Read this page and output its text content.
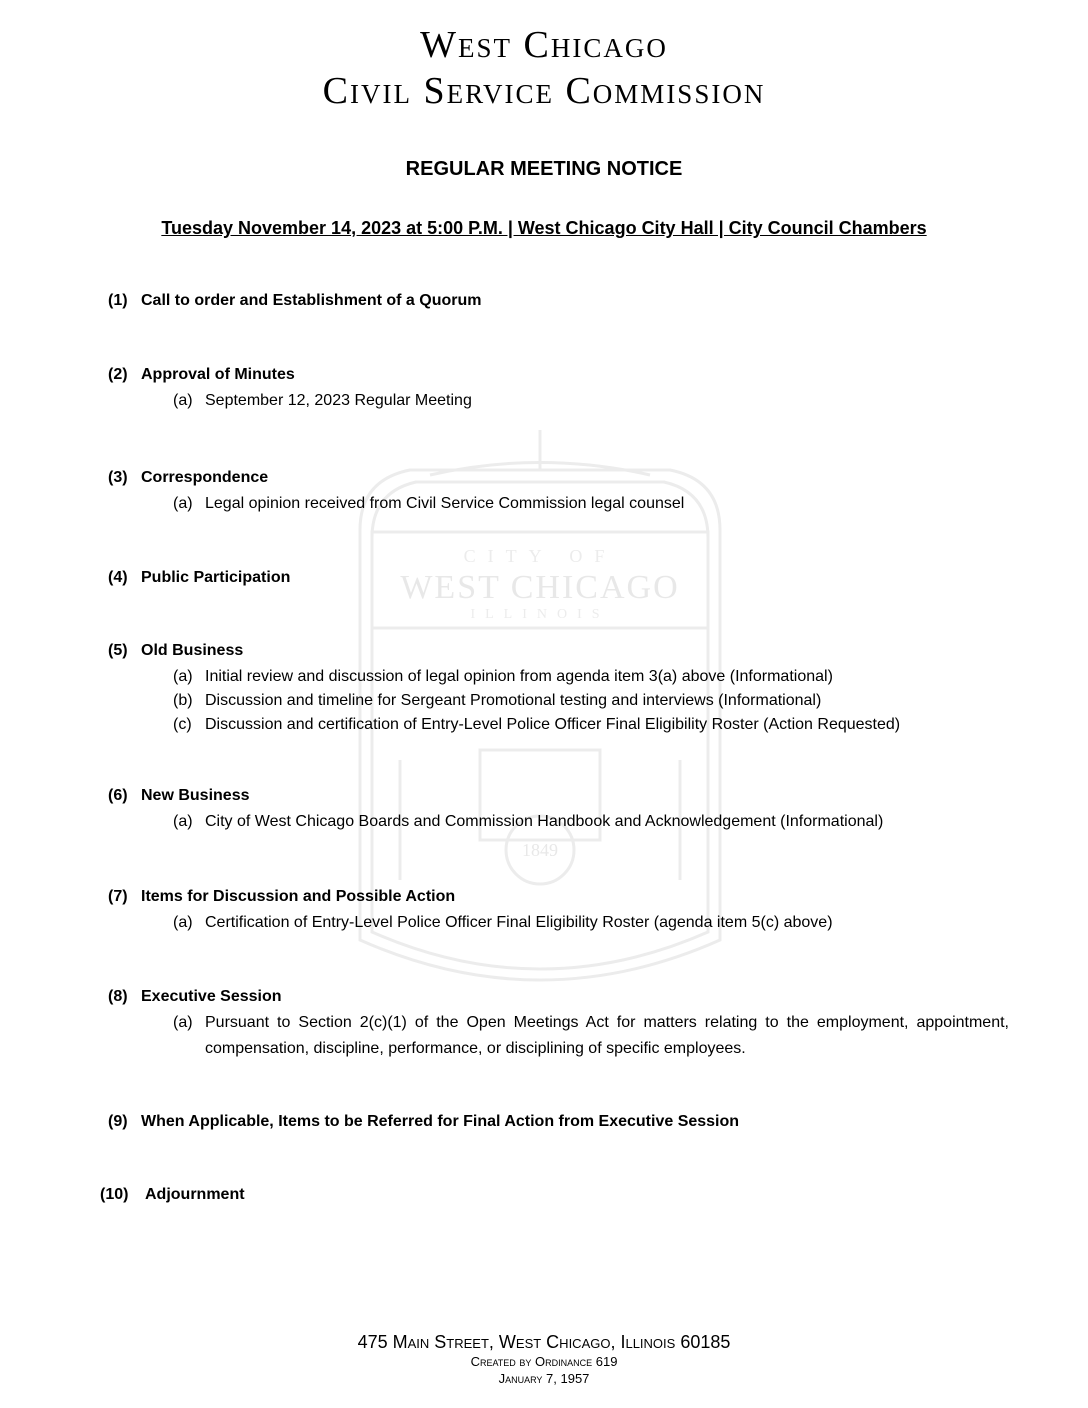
CITY OF
WEST CHICAGO
ILLINOIS
1849
West Chicago
Civil Service Commission
REGULAR MEETING NOTICE
Tuesday November 14, 2023 at 5:00 P.M. | West Chicago City Hall | City Council Chambers
(1) Call to order and Establishment of a Quorum
(2) Approval of Minutes
(a) September 12, 2023 Regular Meeting
(3) Correspondence
(a) Legal opinion received from Civil Service Commission legal counsel
(4) Public Participation
(5) Old Business
(a) Initial review and discussion of legal opinion from agenda item 3(a) above (Informational)
(b) Discussion and timeline for Sergeant Promotional testing and interviews (Informational)
(c) Discussion and certification of Entry-Level Police Officer Final Eligibility Roster (Action Requested)
(6) New Business
(a) City of West Chicago Boards and Commission Handbook and Acknowledgement (Informational)
(7) Items for Discussion and Possible Action
(a) Certification of Entry-Level Police Officer Final Eligibility Roster (agenda item 5(c) above)
(8) Executive Session
(a) Pursuant to Section 2(c)(1) of the Open Meetings Act for matters relating to the employment, appointment, compensation, discipline, performance, or disciplining of specific employees.
(9) When Applicable, Items to be Referred for Final Action from Executive Session
(10) Adjournment
475 Main Street, West Chicago, Illinois 60185
Created by Ordinance 619
January 7, 1957
